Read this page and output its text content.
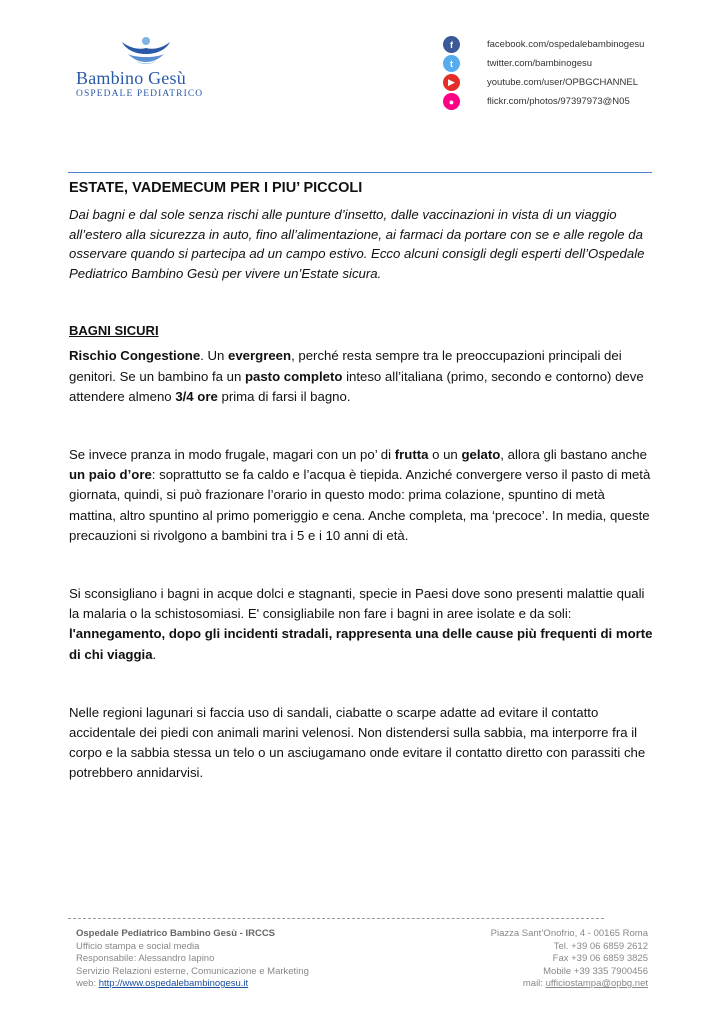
Bambino Gesù
OSPEDALE PEDIATRICO
f	facebook.com/ospedalebambinogesu
t	twitter.com/bambinogesu
▶	youtube.com/user/OPBGCHANNEL
●	flickr.com/photos/97397973@N05
ESTATE, VADEMECUM PER I PIU’ PICCOLI

Dai bagni e dal sole senza rischi alle punture d’insetto, dalle vaccinazioni in vista di un viaggio all’estero alla sicurezza in auto, fino all’alimentazione, ai farmaci da portare con se e alle regole da osservare quando si partecipa ad un campo estivo. Ecco alcuni consigli degli esperti dell’Ospedale Pediatrico Bambino Gesù per vivere un’Estate sicura.

BAGNI SICURI

Rischio Congestione. Un evergreen, perché resta sempre tra le preoccupazioni principali dei genitori. Se un bambino fa un pasto completo inteso all’italiana (primo, secondo e contorno) deve attendere almeno 3/4 ore prima di farsi il bagno.

Se invece pranza in modo frugale, magari con un po’ di frutta o un gelato, allora gli bastano anche un paio d’ore: soprattutto se fa caldo e l’acqua è tiepida. Anziché convergere verso il pasto di metà giornata, quindi, si può frazionare l’orario in questo modo: prima colazione, spuntino di metà mattina, altro spuntino al primo pomeriggio e cena. Anche completa, ma ‘precoce’. In media, queste precauzioni si rivolgono a bambini tra i 5 e i 10 anni di età.

Si sconsigliano i bagni in acque dolci e stagnanti, specie in Paesi dove sono presenti malattie quali la malaria o la schistosomiasi. E' consigliabile non fare i bagni in aree isolate e da soli: l'annegamento, dopo gli incidenti stradali, rappresenta una delle cause più frequenti di morte di chi viaggia.

Nelle regioni lagunari si faccia uso di sandali, ciabatte o scarpe adatte ad evitare il contatto accidentale dei piedi con animali marini velenosi. Non distendersi sulla sabbia, ma interporre fra il corpo e la sabbia stessa un telo o un asciugamano onde evitare il contatto diretto con parassiti che potrebbero annidarvisi.

Ospedale Pediatrico Bambino Gesù - IRCCS
Ufficio stampa e social media
Responsabile: Alessandro Iapino
Servizio Relazioni esterne, Comunicazione e Marketing
web: http://www.ospedalebambinogesu.it
Piazza Sant’Onofrio, 4 - 00165 Roma
Tel. +39 06 6859 2612
Fax +39 06 6859 3825
Mobile +39 335 7900456
mail: ufficiostampa@opbg.net
